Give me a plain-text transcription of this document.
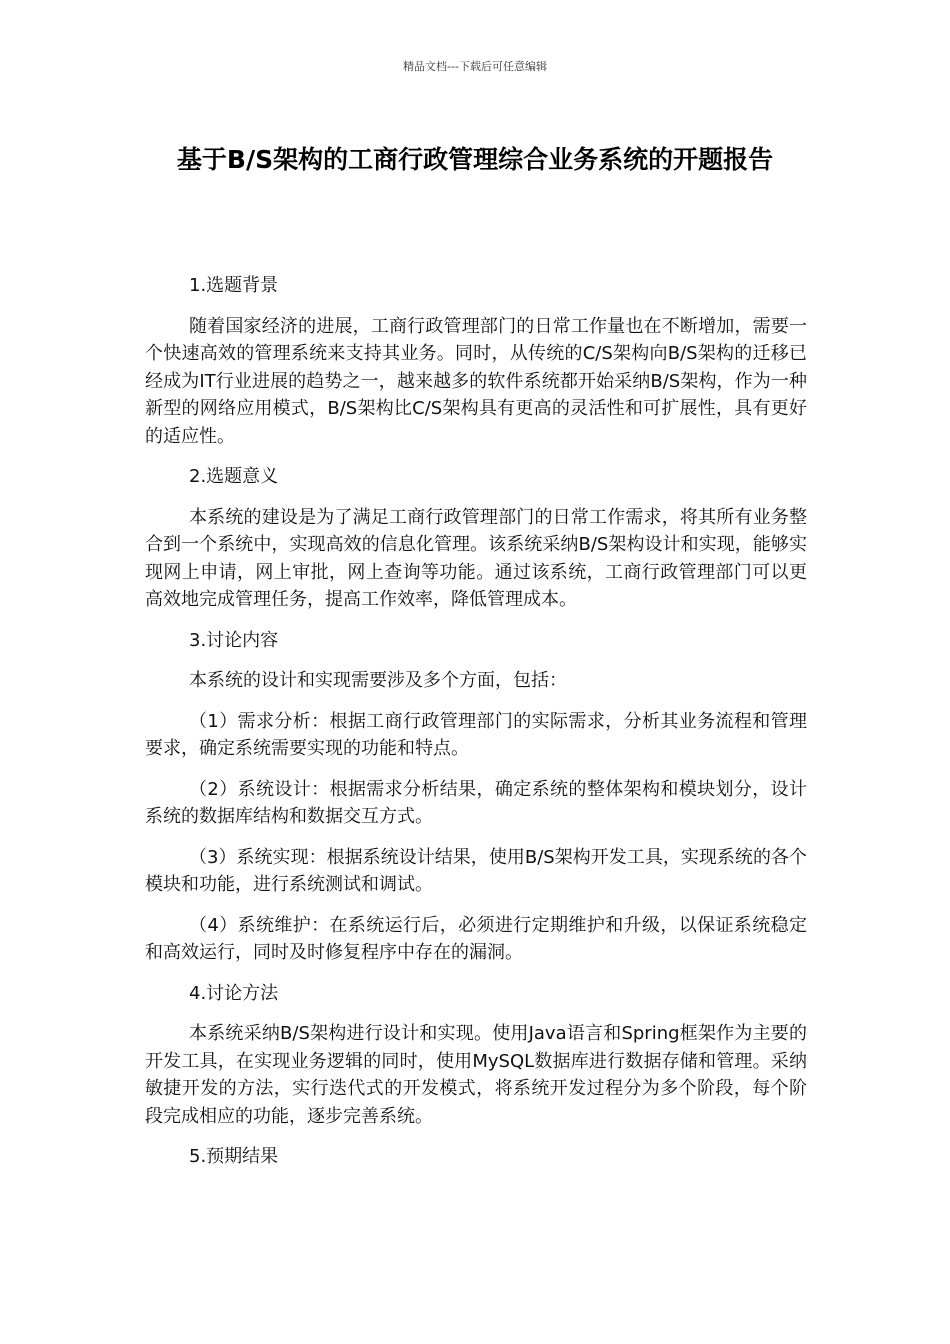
精品文档---下载后可任意编辑
基于B/S架构的工商行政管理综合业务系统的开题报告

1.选题背景

随着国家经济的进展，工商行政管理部门的日常工作量也在不断增加，需要一个快速高效的管理系统来支持其业务。同时，从传统的C/S架构向B/S架构的迁移已经成为IT行业进展的趋势之一，越来越多的软件系统都开始采纳B/S架构，作为一种新型的网络应用模式，B/S架构比C/S架构具有更高的灵活性和可扩展性，具有更好的适应性。

2.选题意义

本系统的建设是为了满足工商行政管理部门的日常工作需求，将其所有业务整合到一个系统中，实现高效的信息化管理。该系统采纳B/S架构设计和实现，能够实现网上申请，网上审批，网上查询等功能。通过该系统，工商行政管理部门可以更高效地完成管理任务，提高工作效率，降低管理成本。

3.讨论内容

本系统的设计和实现需要涉及多个方面，包括：

（1）需求分析：根据工商行政管理部门的实际需求，分析其业务流程和管理要求，确定系统需要实现的功能和特点。

（2）系统设计：根据需求分析结果，确定系统的整体架构和模块划分，设计系统的数据库结构和数据交互方式。

（3）系统实现：根据系统设计结果，使用B/S架构开发工具，实现系统的各个模块和功能，进行系统测试和调试。

（4）系统维护：在系统运行后，必须进行定期维护和升级，以保证系统稳定和高效运行，同时及时修复程序中存在的漏洞。

4.讨论方法

本系统采纳B/S架构进行设计和实现。使用Java语言和Spring框架作为主要的开发工具，在实现业务逻辑的同时，使用MySQL数据库进行数据存储和管理。采纳敏捷开发的方法，实行迭代式的开发模式，将系统开发过程分为多个阶段，每个阶段完成相应的功能，逐步完善系统。

5.预期结果
